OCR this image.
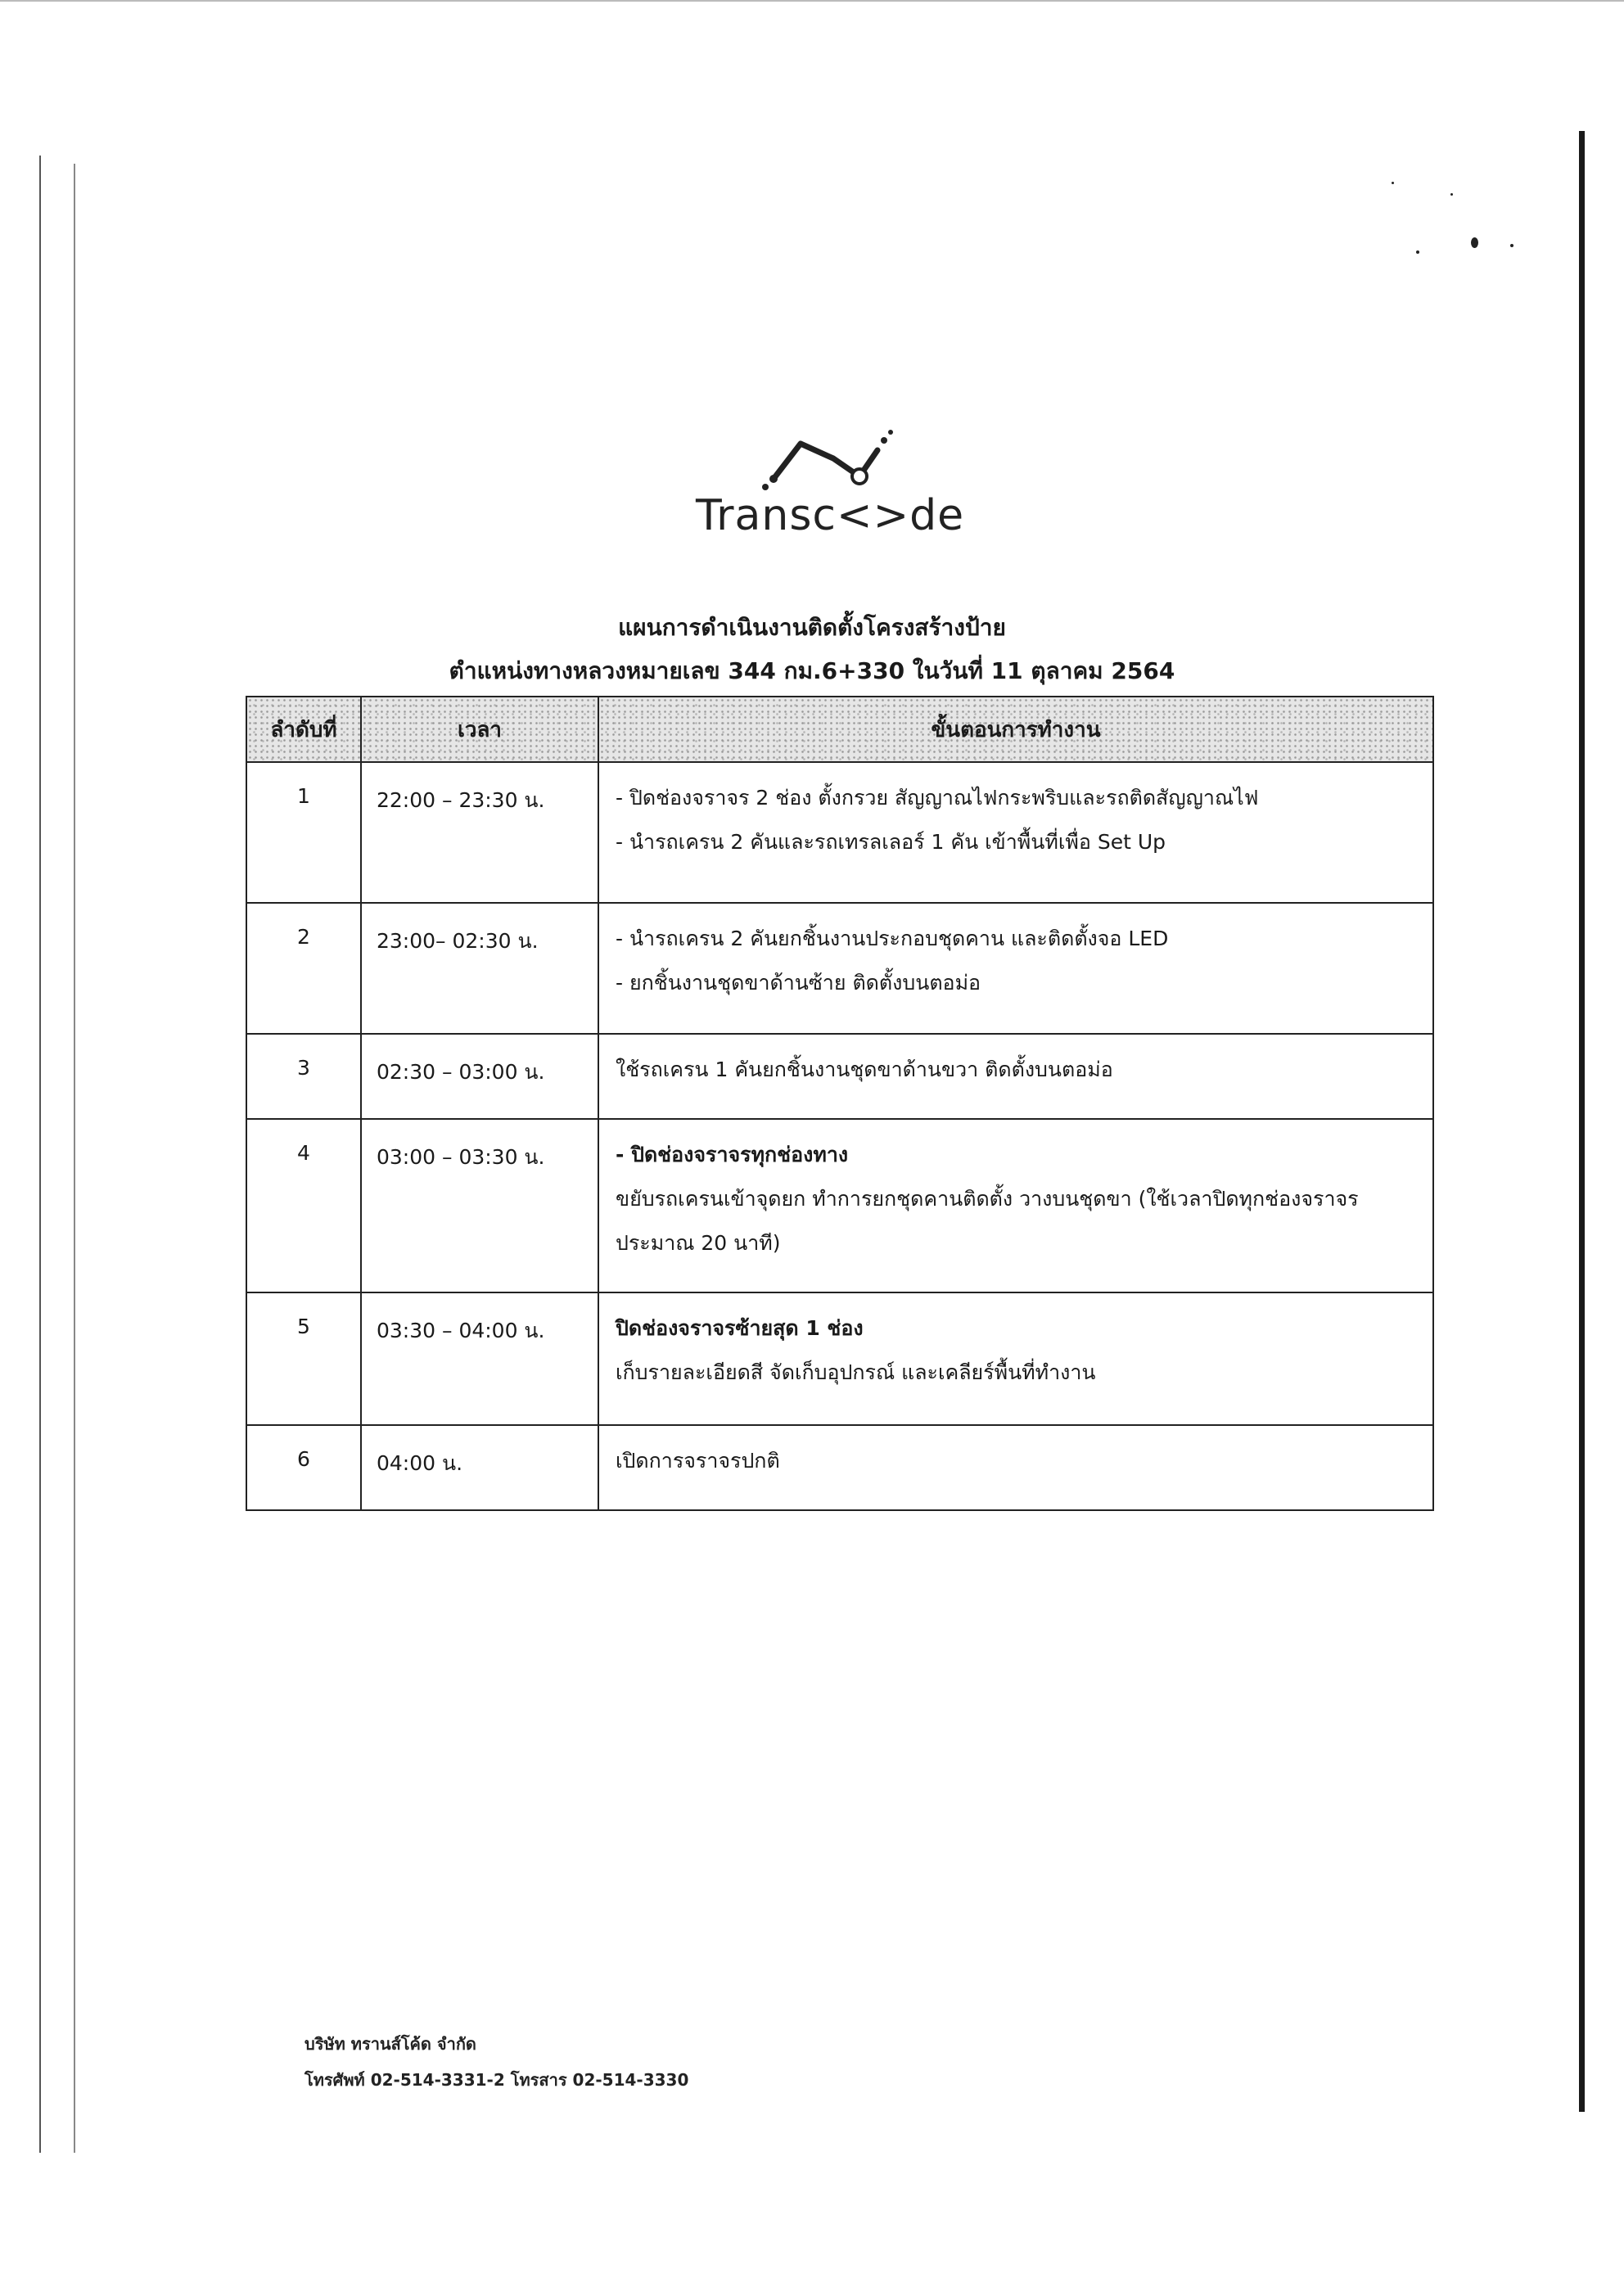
Transc<>de
แผนการดำเนินงานติดตั้งโครงสร้างป้าย
ตำแหน่งทางหลวงหมายเลข 344 กม.6+330 ในวันที่ 11 ตุลาคม 2564
ลำดับที่	เวลา	ขั้นตอนการทำงาน
1	22:00 – 23:30 น.	- ปิดช่องจราจร 2 ช่อง ตั้งกรวย สัญญาณไฟกระพริบและรถติดสัญญาณไฟ
- นำรถเครน 2 คันและรถเทรลเลอร์ 1 คัน เข้าพื้นที่เพื่อ Set Up

2	23:00– 02:30 น.	- นำรถเครน 2 คันยกชิ้นงานประกอบชุดคาน และติดตั้งจอ LED
- ยกชิ้นงานชุดขาด้านซ้าย ติดตั้งบนตอม่อ

3	02:30 – 03:00 น.	ใช้รถเครน 1 คันยกชิ้นงานชุดขาด้านขวา ติดตั้งบนตอม่อ

4	03:00 – 03:30 น.	- ปิดช่องจราจรทุกช่องทาง
ขยับรถเครนเข้าจุดยก ทำการยกชุดคานติดตั้ง วางบนชุดขา (ใช้เวลาปิดทุกช่องจราจร
ประมาณ 20 นาที)

5	03:30 – 04:00 น.	ปิดช่องจราจรซ้ายสุด 1 ช่อง
เก็บรายละเอียดสี จัดเก็บอุปกรณ์ และเคลียร์พื้นที่ทำงาน

6	04:00 น.	เปิดการจราจรปกติ
บริษัท ทรานส์โค้ด จำกัด
โทรศัพท์ 02-514-3331-2 โทรสาร 02-514-3330
